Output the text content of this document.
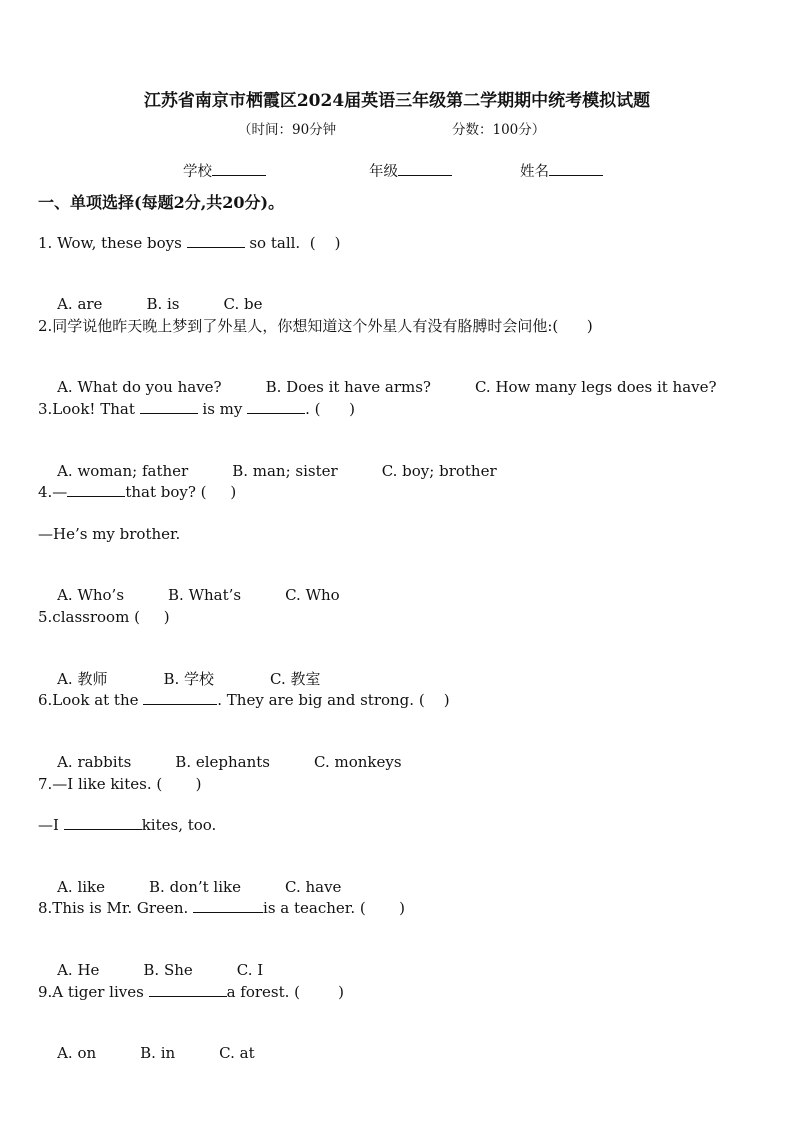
江苏省南京市栖霞区2024届英语三年级第二学期期中统考模拟试题
（时间：90分钟	分数：100分）
学校	年级	姓名
一、单项选择(每题2分,共20分)。
1. Wow, these boys	so tall.  (    )

A. are	B. is	C. be

2.同学说他昨天晚上梦到了外星人，你想知道这个外星人有没有胳膊时会问他:(      )

A. What do you have?	B. Does it have arms?	C. How many legs does it have?

3.Look! That	is my	. (      )

A. woman; father	B. man; sister	C. boy; brother

4.—	that boy? (     )
—He’s my brother.

A. Who’s	B. What’s	C. Who

5.classroom (     )

A. 教师	B. 学校	C. 教室

6.Look at the	. They are big and strong. (    )

A. rabbits	B. elephants	C. monkeys

7.—I like kites. (       )
—I	kites, too.

A. like	B. don’t like	C. have

8.This is Mr. Green.	is a teacher. (       )

A. He	B. She	C. I

9.A tiger lives	a forest. (        )

A. on	B. in	C. at
